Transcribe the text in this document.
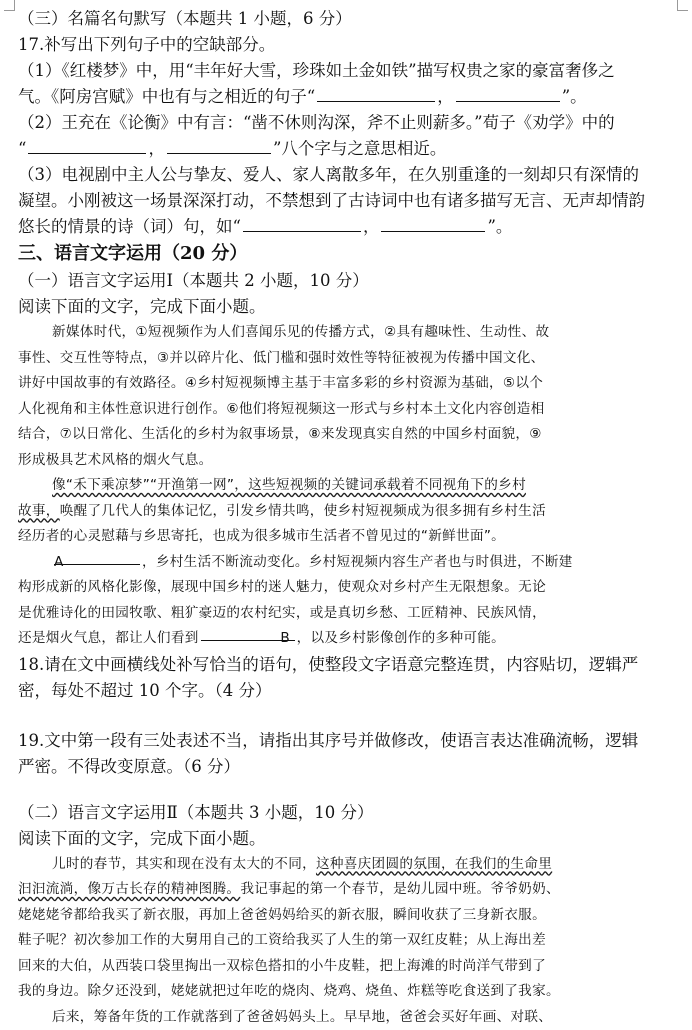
（三）名篇名句默写（本题共 1 小题，6 分）

17.补写出下列句子中的空缺部分。

（1）《红楼梦》中，用“丰年好大雪，珍珠如土金如铁”描写权贵之家的豪富奢侈之

气。《阿房宫赋》中也有与之相近的句子“	，	”。

（2）王充在《论衡》中有言：“凿不休则沟深，斧不止则薪多。”荀子《劝学》中的

“	，	”八个字与之意思相近。

（3）电视剧中主人公与挚友、爱人、家人离散多年，在久别重逢的一刻却只有深情的

凝望。小刚被这一场景深深打动，不禁想到了古诗词中也有诸多描写无言、无声却情韵

悠长的情景的诗（词）句，如“	，	”。

三、语言文字运用（20 分）

（一）语言文字运用Ⅰ（本题共 2 小题，10 分）

阅读下面的文字，完成下面小题。

新媒体时代，①短视频作为人们喜闻乐见的传播方式，②具有趣味性、生动性、故

事性、交互性等特点，③并以碎片化、低门槛和强时效性等特征被视为传播中国文化、

讲好中国故事的有效路径。④乡村短视频博主基于丰富多彩的乡村资源为基础，⑤以个

人化视角和主体性意识进行创作。⑥他们将短视频这一形式与乡村本土文化内容创造相

结合，⑦以日常化、生活化的乡村为叙事场景，⑧来发现真实自然的中国乡村面貌，⑨

形成极具艺术风格的烟火气息。

像“禾下乘凉梦”“开渔第一网”，这些短视频的关键词承载着不同视角下的乡村

故事，唤醒了几代人的集体记忆，引发乡情共鸣，使乡村短视频成为很多拥有乡村生活

经历者的心灵慰藉与乡思寄托，也成为很多城市生活者不曾见过的“新鲜世面”。

A	，乡村生活不断流动变化。乡村短视频内容生产者也与时俱进，不断建

构形成新的风格化影像，展现中国乡村的迷人魅力，使观众对乡村产生无限想象。无论

是优雅诗化的田园牧歌、粗犷豪迈的农村纪实，或是真切乡愁、工匠精神、民族风情，

还是烟火气息，都让人们看到	B ，以及乡村影像创作的多种可能。

18.请在文中画横线处补写恰当的语句，使整段文字语意完整连贯，内容贴切，逻辑严

密，每处不超过 10 个字。（4 分）

19.文中第一段有三处表述不当，请指出其序号并做修改，使语言表达准确流畅，逻辑

严密。不得改变原意。（6 分）

（二）语言文字运用Ⅱ（本题共 3 小题，10 分）

阅读下面的文字，完成下面小题。

儿时的春节，其实和现在没有太大的不同，这种喜庆团圆的氛围，在我们的生命里

汩汩流淌，像万古长存的精神图腾。我记事起的第一个春节，是幼儿园中班。爷爷奶奶、

姥姥姥爷都给我买了新衣服，再加上爸爸妈妈给买的新衣服，瞬间收获了三身新衣服。

鞋子呢？初次参加工作的大舅用自己的工资给我买了人生的第一双红皮鞋；从上海出差

回来的大伯，从西装口袋里掏出一双棕色搭扣的小牛皮鞋，把上海滩的时尚洋气带到了

我的身边。除夕还没到，姥姥就把过年吃的烧肉、烧鸡、烧鱼、炸糕等吃食送到了我家。

后来，筹备年货的工作就落到了爸爸妈妈头上。早早地，爸爸会买好年画、对联、
